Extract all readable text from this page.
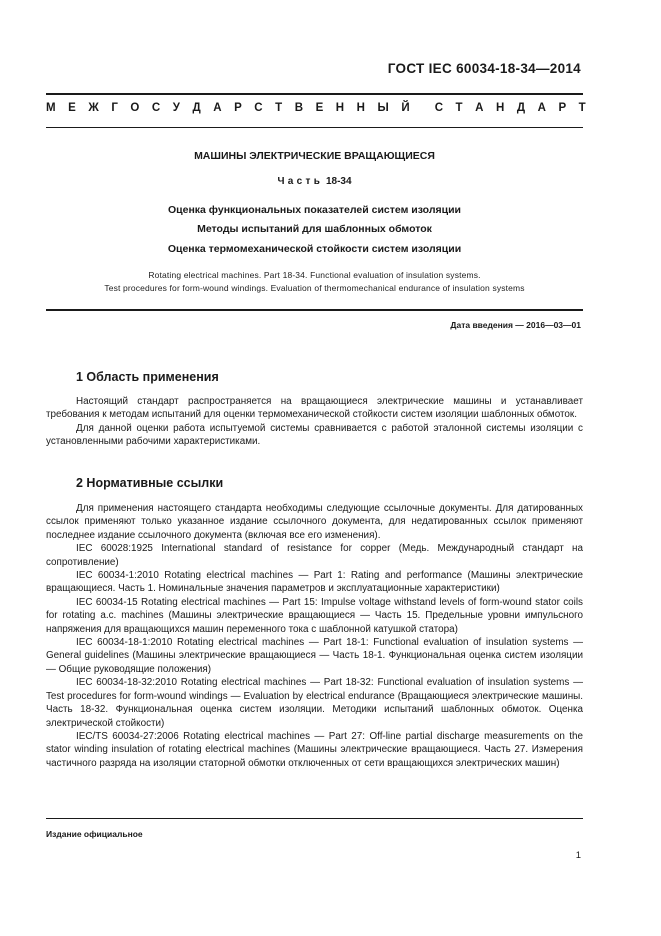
ГОСТ IEC 60034-18-34—2014
М Е Ж Г О С У Д А Р С Т В Е Н Н Ы Й С Т А Н Д А Р Т
МАШИНЫ ЭЛЕКТРИЧЕСКИЕ ВРАЩАЮЩИЕСЯ
Часть 18-34
Оценка функциональных показателей систем изоляции
Методы испытаний для шаблонных обмоток
Оценка термомеханической стойкости систем изоляции
Rotating electrical machines. Part 18-34. Functional evaluation of insulation systems.
Test procedures for form-wound windings. Evaluation of thermomechanical endurance of insulation systems
Дата введения — 2016—03—01
1 Область применения

Настоящий стандарт распространяется на вращающиеся электрические машины и устанавливает требования к методам испытаний для оценки термомеханической стойкости систем изоляции шаблонных обмоток.

Для данной оценки работа испытуемой системы сравнивается с работой эталонной системы изоляции с установленными рабочими характеристиками.

2 Нормативные ссылки

Для применения настоящего стандарта необходимы следующие ссылочные документы. Для датированных ссылок применяют только указанное издание ссылочного документа, для недатированных ссылок применяют последнее издание ссылочного документа (включая все его изменения).

IEC 60028:1925 International standard of resistance for copper (Медь. Международный стандарт на сопротивление)

IEC 60034-1:2010 Rotating electrical machines — Part 1: Rating and performance (Машины электрические вращающиеся. Часть 1. Номинальные значения параметров и эксплуатационные характеристики)

IEC 60034-15 Rotating electrical machines — Part 15: Impulse voltage withstand levels of form-wound stator coils for rotating a.c. machines (Машины электрические вращающиеся — Часть 15. Предельные уровни импульсного напряжения для вращающихся машин переменного тока с шаблонной катушкой статора)

IEC 60034-18-1:2010 Rotating electrical machines — Part 18-1: Functional evaluation of insulation systems — General guidelines (Машины электрические вращающиеся — Часть 18-1. Функциональная оценка систем изоляции — Общие руководящие положения)

IEC 60034-18-32:2010 Rotating electrical machines — Part 18-32: Functional evaluation of insulation systems — Test procedures for form-wound windings — Evaluation by electrical endurance (Вращающиеся электрические машины. Часть 18-32. Функциональная оценка систем изоляции. Методики испытаний шаблонных обмоток. Оценка электрической стойкости)

IEC/TS 60034-27:2006 Rotating electrical machines — Part 27: Off-line partial discharge measurements on the stator winding insulation of rotating electrical machines (Машины электрические вращающиеся. Часть 27. Измерения частичного разряда на изоляции статорной обмотки отключенных от сети вращающихся электрических машин)

Издание официальное
1
